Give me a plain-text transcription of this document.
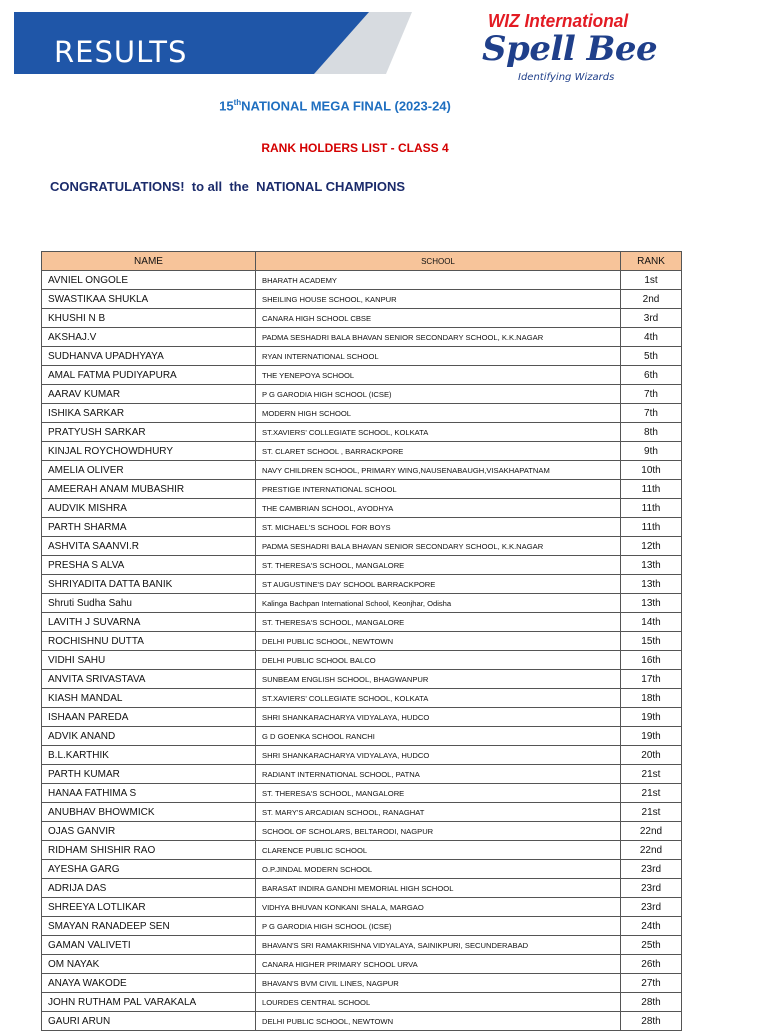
RESULTS
WIZ International
Spell Bee
Identifying Wizards
15thNATIONAL MEGA FINAL (2023-24)
RANK HOLDERS LIST - CLASS 4
CONGRATULATIONS!  to all  the  NATIONAL CHAMPIONS
NAME	SCHOOL	RANK
AVNIEL ONGOLE	BHARATH ACADEMY	1st
SWASTIKAA SHUKLA	SHEILING HOUSE SCHOOL, KANPUR	2nd
KHUSHI N B	CANARA HIGH SCHOOL CBSE	3rd
AKSHAJ.V	PADMA SESHADRI BALA BHAVAN SENIOR SECONDARY SCHOOL, K.K.NAGAR	4th
SUDHANVA UPADHYAYA	RYAN INTERNATIONAL SCHOOL	5th
AMAL FATMA PUDIYAPURA	THE YENEPOYA SCHOOL	6th
AARAV KUMAR	P G GARODIA HIGH SCHOOL (ICSE)	7th
ISHIKA SARKAR	MODERN HIGH SCHOOL	7th
PRATYUSH SARKAR	ST.XAVIERS' COLLEGIATE SCHOOL, KOLKATA	8th
KINJAL ROYCHOWDHURY	ST. CLARET SCHOOL , BARRACKPORE	9th
AMELIA OLIVER	NAVY CHILDREN SCHOOL, PRIMARY WING,NAUSENABAUGH,VISAKHAPATNAM	10th
AMEERAH ANAM MUBASHIR	PRESTIGE INTERNATIONAL SCHOOL	11th
AUDVIK MISHRA	THE CAMBRIAN SCHOOL, AYODHYA	11th
PARTH SHARMA	ST. MICHAEL'S SCHOOL FOR BOYS	11th
ASHVITA SAANVI.R	PADMA SESHADRI BALA BHAVAN SENIOR SECONDARY SCHOOL, K.K.NAGAR	12th
PRESHA S ALVA	ST. THERESA'S SCHOOL, MANGALORE	13th
SHRIYADITA DATTA BANIK	ST AUGUSTINE'S DAY SCHOOL BARRACKPORE	13th
Shruti Sudha Sahu	Kalinga Bachpan International School, Keonjhar, Odisha	13th
LAVITH J SUVARNA	ST. THERESA'S SCHOOL, MANGALORE	14th
ROCHISHNU DUTTA	DELHI PUBLIC SCHOOL, NEWTOWN	15th
VIDHI SAHU	DELHI PUBLIC SCHOOL BALCO	16th
ANVITA SRIVASTAVA	SUNBEAM ENGLISH SCHOOL, BHAGWANPUR	17th
KIASH MANDAL	ST.XAVIERS' COLLEGIATE SCHOOL, KOLKATA	18th
ISHAAN PAREDA	SHRI SHANKARACHARYA VIDYALAYA, HUDCO	19th
ADVIK ANAND	G D GOENKA SCHOOL RANCHI	19th
B.L.KARTHIK	SHRI SHANKARACHARYA VIDYALAYA, HUDCO	20th
PARTH KUMAR	RADIANT INTERNATIONAL SCHOOL, PATNA	21st
HANAA FATHIMA S	ST. THERESA'S SCHOOL, MANGALORE	21st
ANUBHAV BHOWMICK	ST. MARY'S ARCADIAN SCHOOL, RANAGHAT	21st
OJAS GANVIR	SCHOOL OF SCHOLARS, BELTARODI, NAGPUR	22nd
RIDHAM SHISHIR RAO	CLARENCE PUBLIC SCHOOL	22nd
AYESHA GARG	O.P.JINDAL MODERN SCHOOL	23rd
ADRIJA DAS	BARASAT INDIRA GANDHI MEMORIAL HIGH SCHOOL	23rd
SHREEYA LOTLIKAR	VIDHYA BHUVAN KONKANI SHALA, MARGAO	23rd
SMAYAN RANADEEP SEN	P G GARODIA HIGH SCHOOL (ICSE)	24th
GAMAN VALIVETI	BHAVAN'S SRI RAMAKRISHNA VIDYALAYA, SAINIKPURI, SECUNDERABAD	25th
OM NAYAK	CANARA HIGHER PRIMARY SCHOOL URVA	26th
ANAYA WAKODE	BHAVAN'S BVM CIVIL LINES, NAGPUR	27th
JOHN RUTHAM PAL VARAKALA	LOURDES CENTRAL SCHOOL	28th
GAURI ARUN	DELHI PUBLIC SCHOOL, NEWTOWN	28th
